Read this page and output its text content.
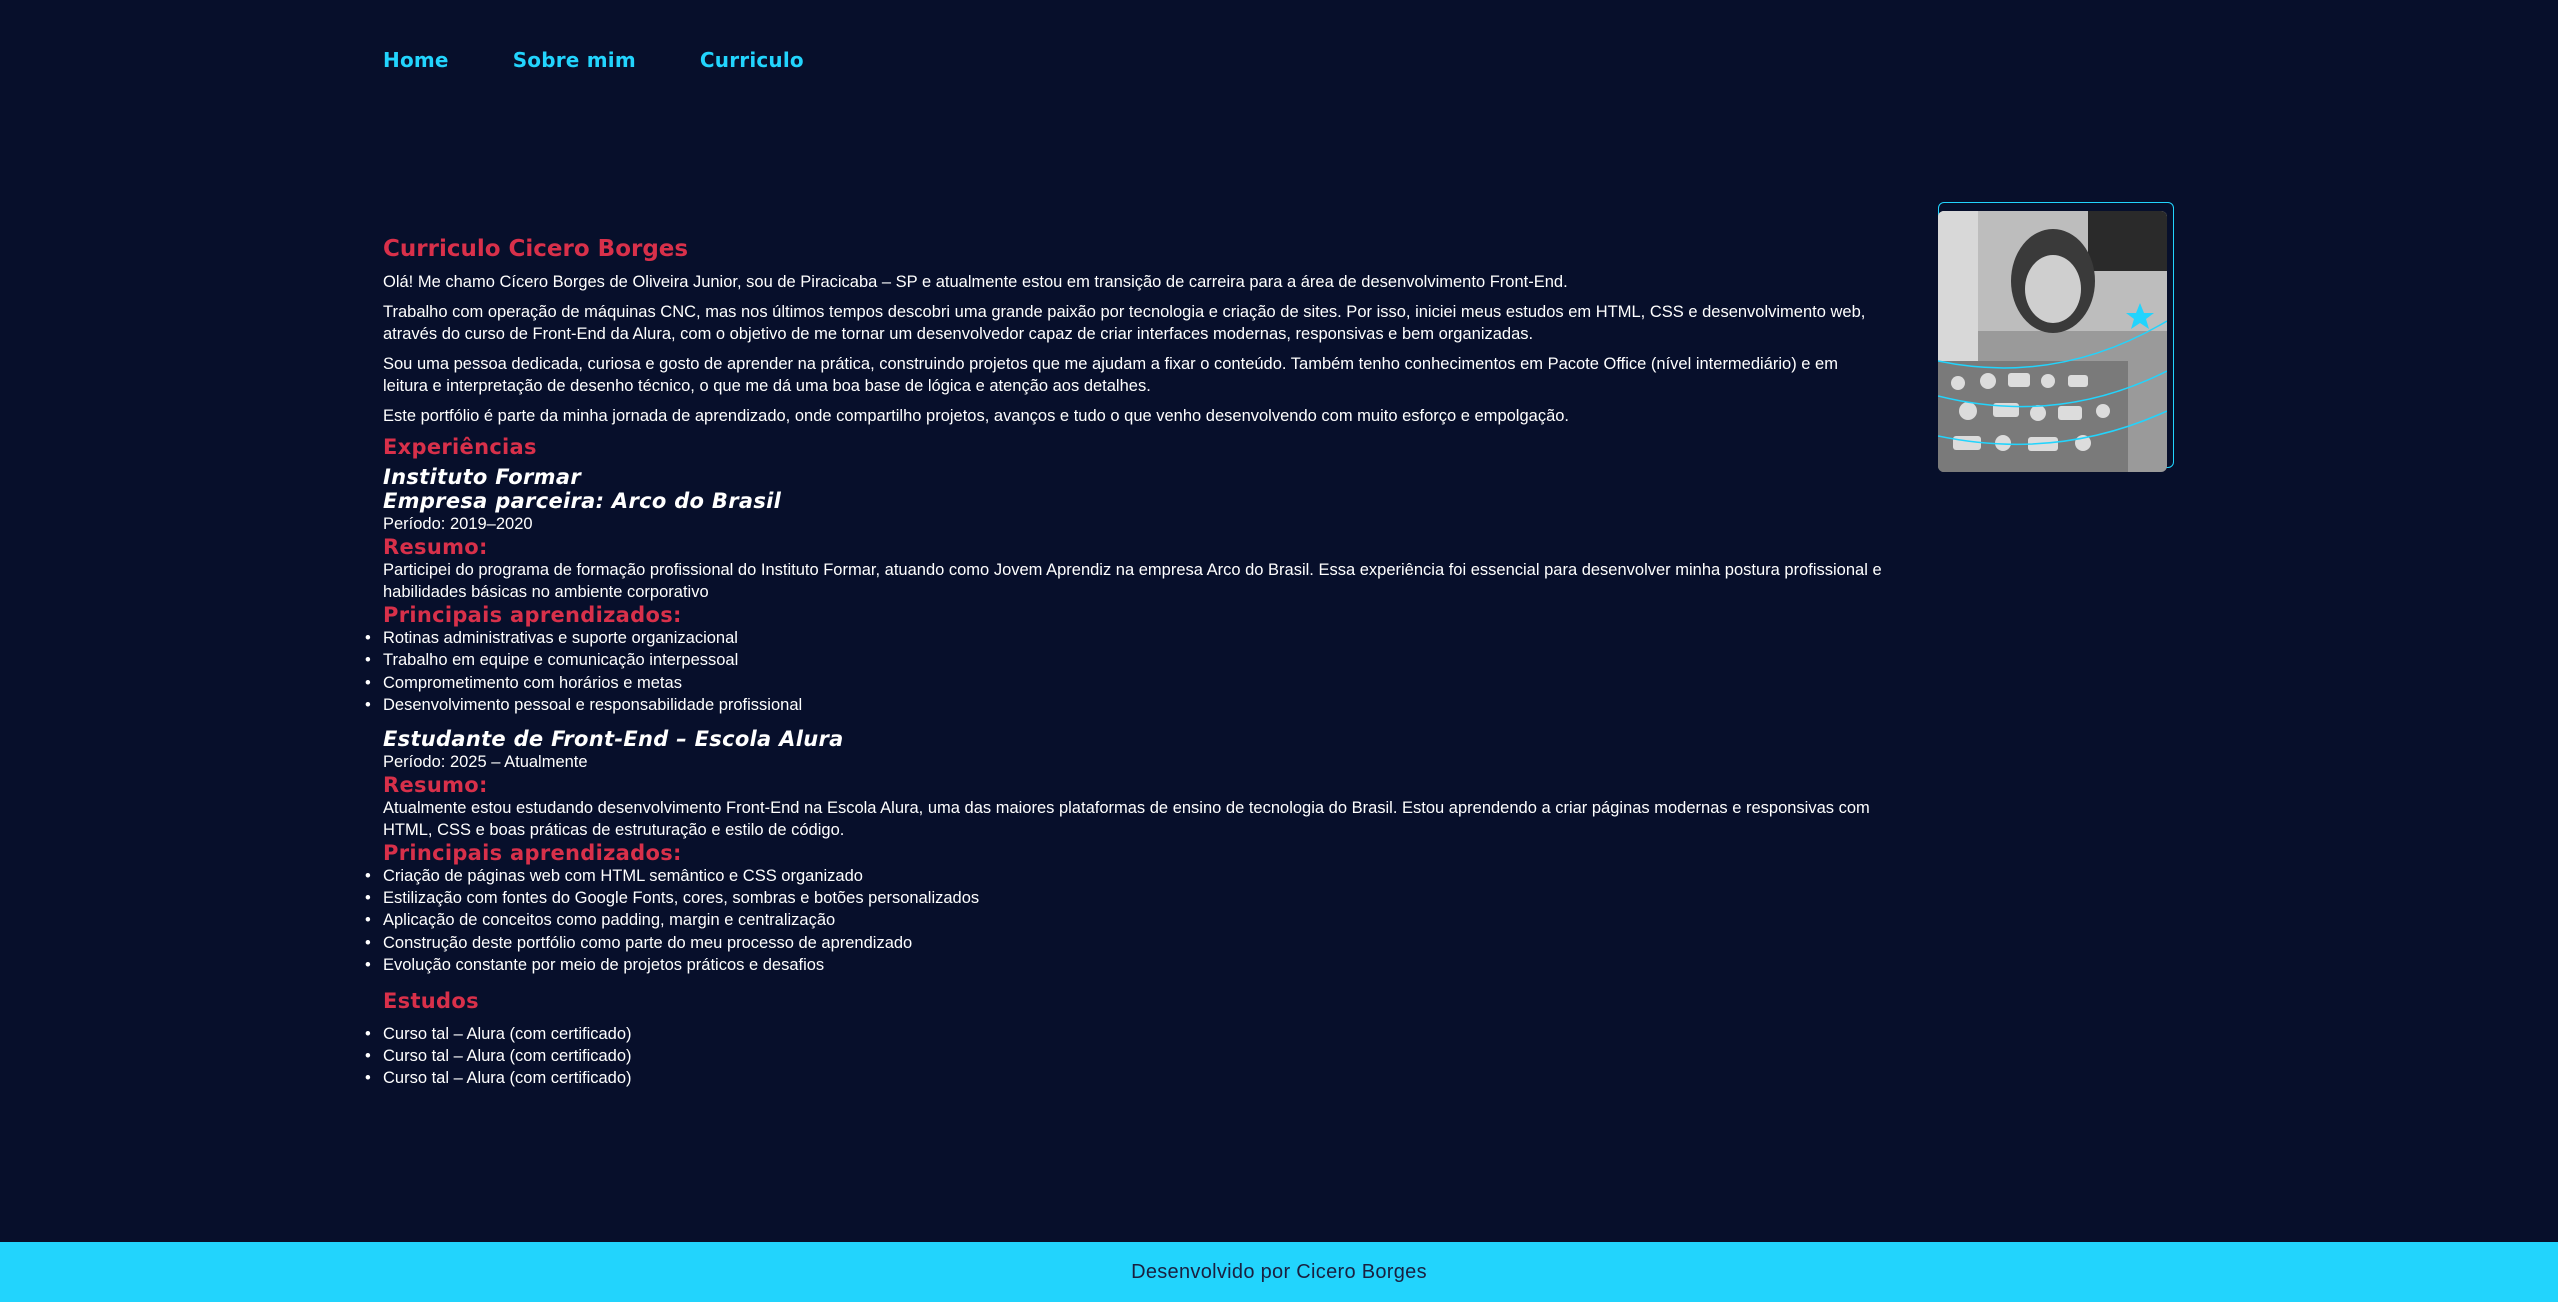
Home	Sobre mim	Curriculo
Curriculo Cicero Borges

Olá! Me chamo Cícero Borges de Oliveira Junior, sou de Piracicaba – SP e atualmente estou em transição de carreira para a área de desenvolvimento Front-End.

Trabalho com operação de máquinas CNC, mas nos últimos tempos descobri uma grande paixão por tecnologia e criação de sites. Por isso, iniciei meus estudos em HTML, CSS e desenvolvimento web, através do curso de Front-End da Alura, com o objetivo de me tornar um desenvolvedor capaz de criar interfaces modernas, responsivas e bem organizadas.

Sou uma pessoa dedicada, curiosa e gosto de aprender na prática, construindo projetos que me ajudam a fixar o conteúdo. Também tenho conhecimentos em Pacote Office (nível intermediário) e em leitura e interpretação de desenho técnico, o que me dá uma boa base de lógica e atenção aos detalhes.

Este portfólio é parte da minha jornada de aprendizado, onde compartilho projetos, avanços e tudo o que venho desenvolvendo com muito esforço e empolgação.

Experiências
Instituto Formar
Empresa parceira: Arco do Brasil

Período: 2019–2020

Resumo:

Participei do programa de formação profissional do Instituto Formar, atuando como Jovem Aprendiz na empresa Arco do Brasil. Essa experiência foi essencial para desenvolver minha postura profissional e habilidades básicas no ambiente corporativo

Principais aprendizados:
• Rotinas administrativas e suporte organizacional
• Trabalho em equipe e comunicação interpessoal
• Comprometimento com horários e metas
• Desenvolvimento pessoal e responsabilidade profissional
Estudante de Front-End – Escola Alura

Período: 2025 – Atualmente

Resumo:

Atualmente estou estudando desenvolvimento Front-End na Escola Alura, uma das maiores plataformas de ensino de tecnologia do Brasil. Estou aprendendo a criar páginas modernas e responsivas com HTML, CSS e boas práticas de estruturação e estilo de código.

Principais aprendizados:
• Criação de páginas web com HTML semântico e CSS organizado
• Estilização com fontes do Google Fonts, cores, sombras e botões personalizados
• Aplicação de conceitos como padding, margin e centralização
• Construção deste portfólio como parte do meu processo de aprendizado
• Evolução constante por meio de projetos práticos e desafios
Estudos
• Curso tal – Alura (com certificado)
• Curso tal – Alura (com certificado)
• Curso tal – Alura (com certificado)
Desenvolvido por Cicero Borges
